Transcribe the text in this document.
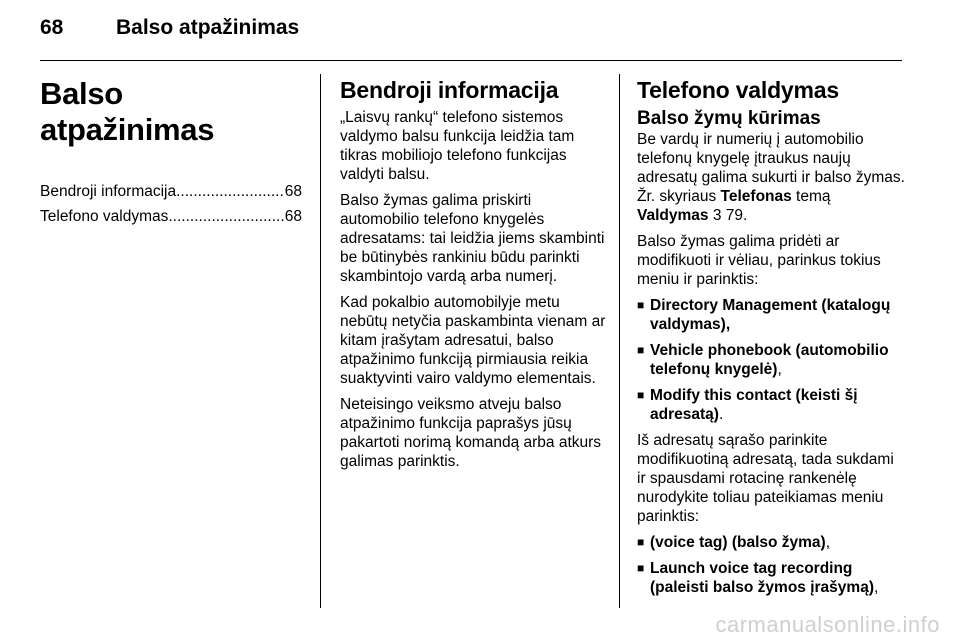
68	Balso atpažinimas
Balso atpažinimas
Bendroji informacija .....	68
Telefono valdymas .....	68
Bendroji informacija

„Laisvų rankų“ telefono sistemos valdymo balsu funkcija leidžia tam tikras mobiliojo telefono funkcijas valdyti balsu.

Balso žymas galima priskirti automobilio telefono knygelės adresatams: tai leidžia jiems skambinti be būtinybės rankiniu būdu parinkti skambintojo vardą arba numerį.

Kad pokalbio automobilyje metu nebūtų netyčia paskambinta vienam ar kitam įrašytam adresatui, balso atpažinimo funkciją pirmiausia reikia suaktyvinti vairo valdymo elementais.

Neteisingo veiksmo atveju balso atpažinimo funkcija paprašys jūsų pakartoti norimą komandą arba atkurs galimas parinktis.

Telefono valdymas
Balso žymų kūrimas

Be vardų ir numerių į automobilio telefonų knygelę įtraukus naujų adresatų galima sukurti ir balso žymas. Žr. skyriaus Telefonas temą Valdymas 3 79.

Balso žymas galima pridėti ar modifikuoti ir vėliau, parinkus tokius meniu ir parinktis:

■ Directory Management (katalogų valdymas),
■ Vehicle phonebook (automobilio telefonų knygelė),
■ Modify this contact (keisti šį adresatą).

Iš adresatų sąrašo parinkite modifikuotiną adresatą, tada sukdami ir spausdami rotacinę rankenėlę nurodykite toliau pateikiamas meniu parinktis:

■ (voice tag) (balso žyma),
■ Launch voice tag recording (paleisti balso žymos įrašymą),
carmanualsonline.info
